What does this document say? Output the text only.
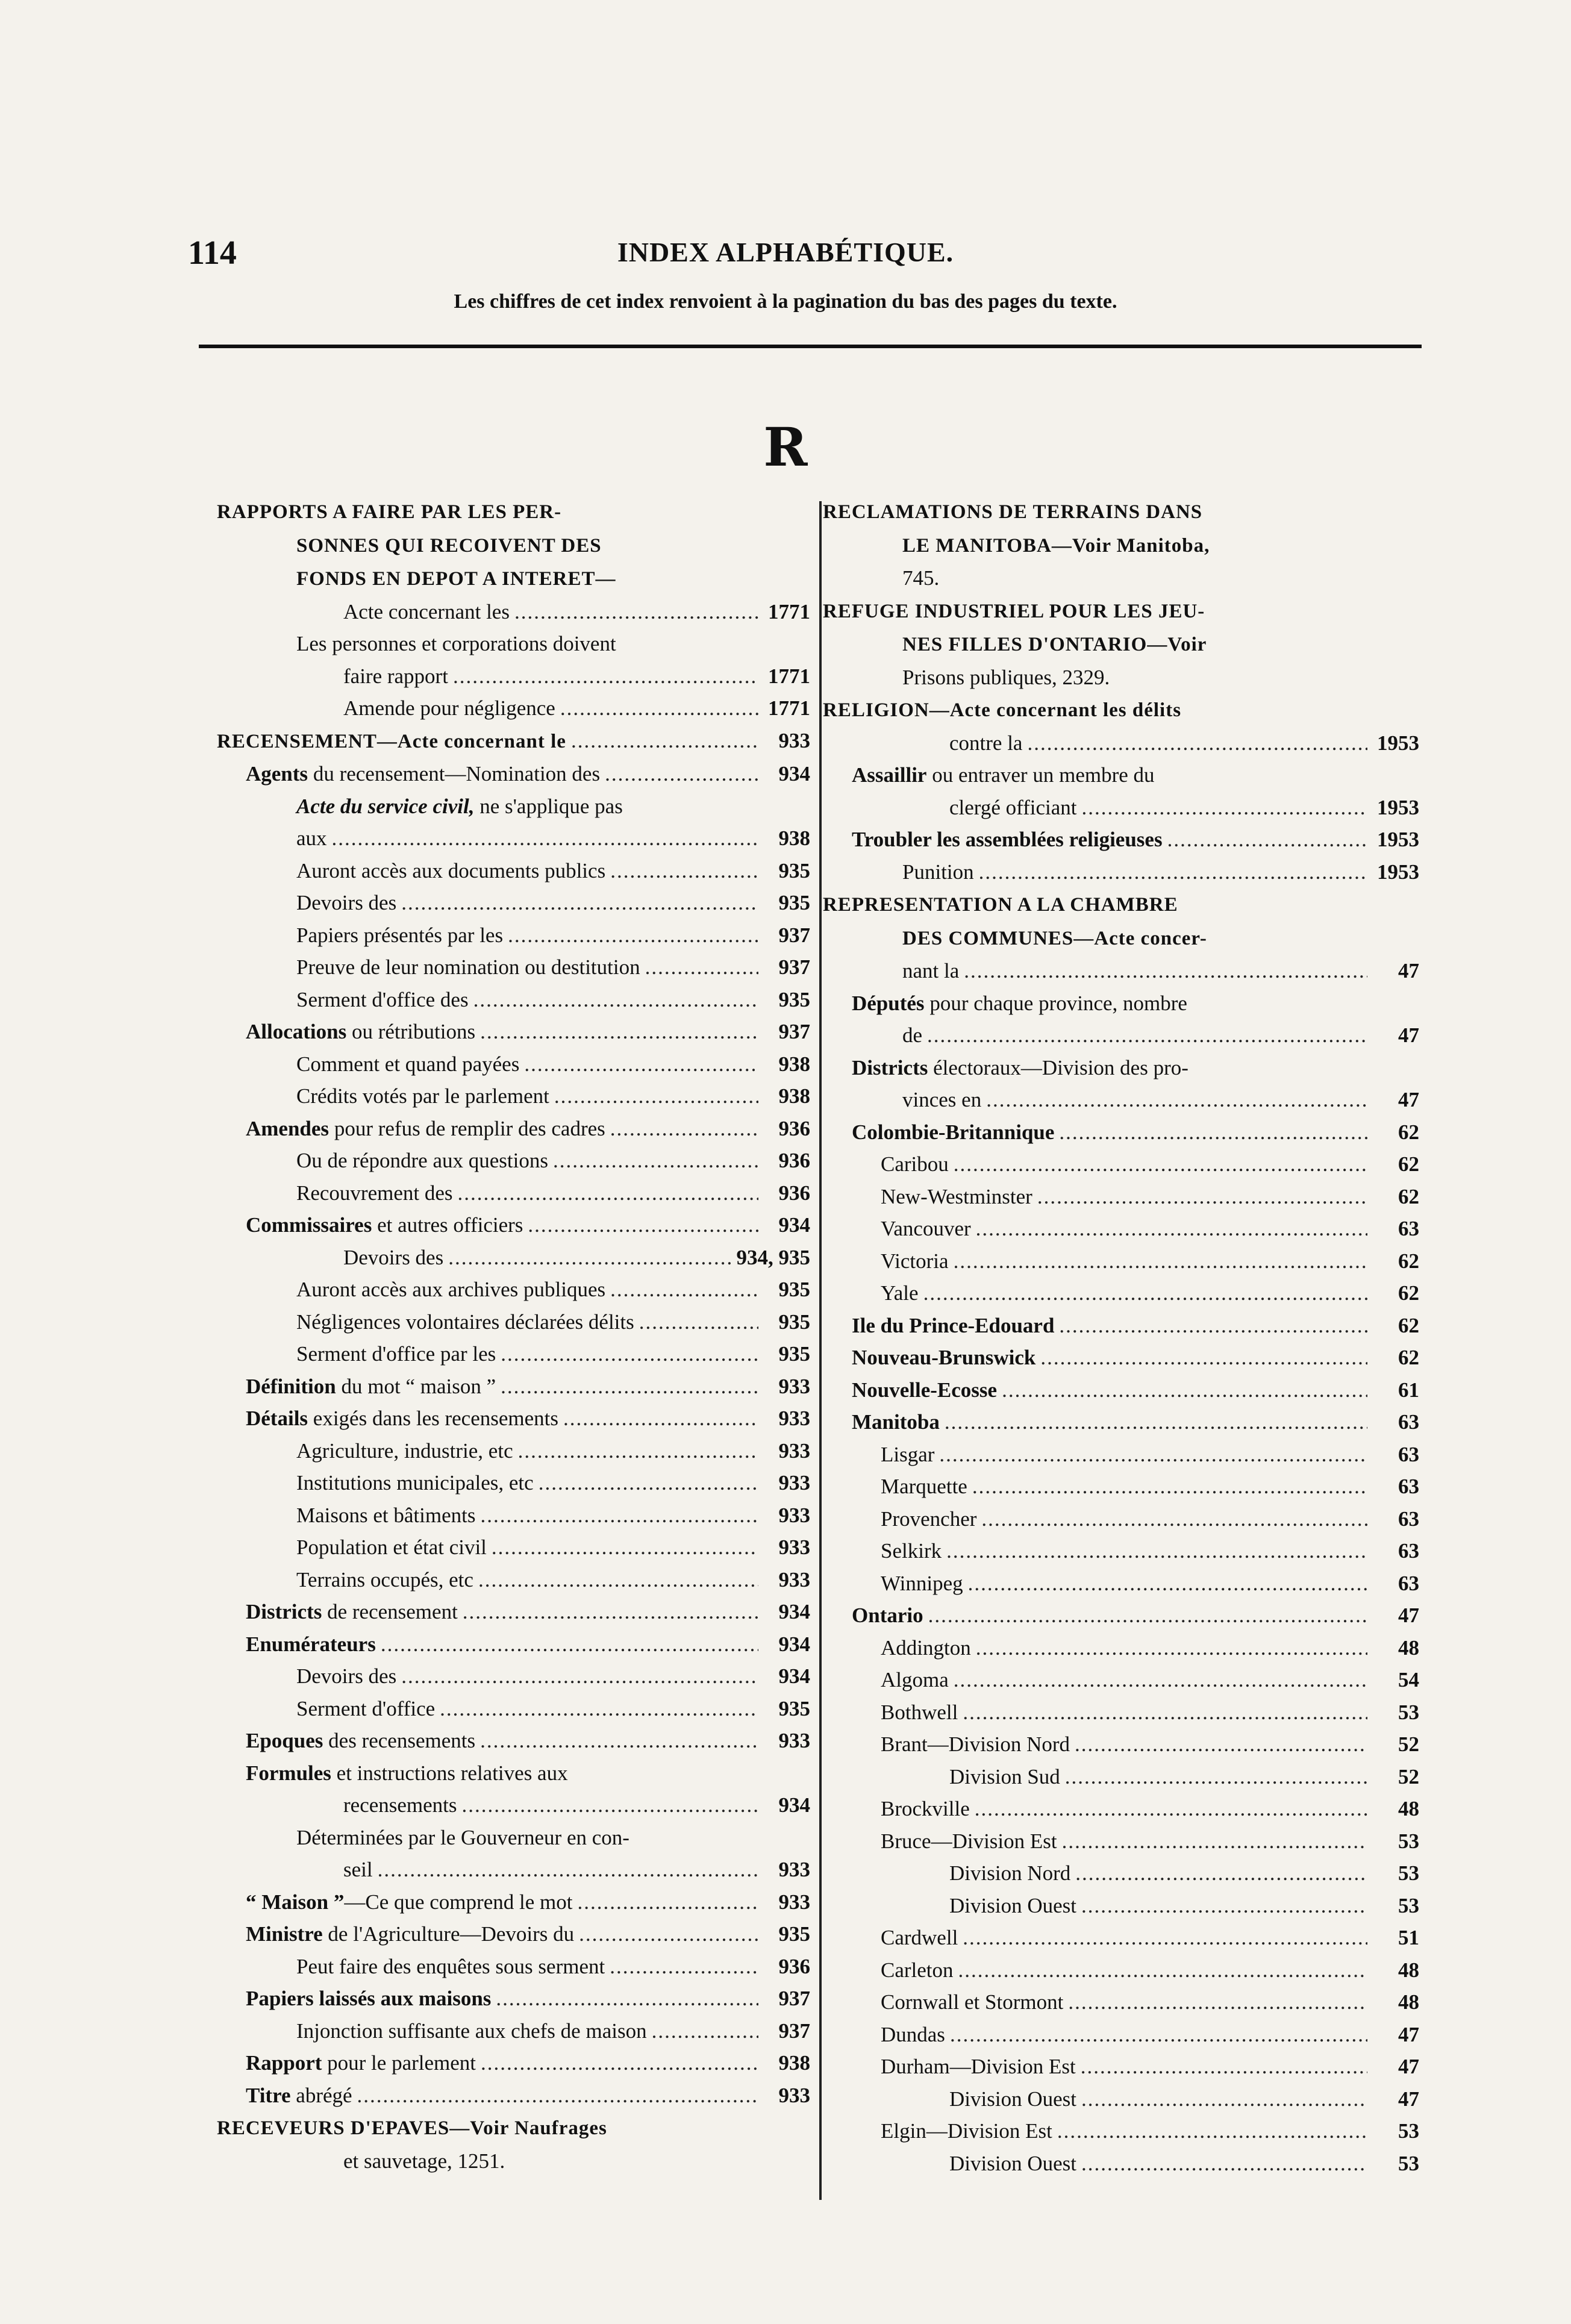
114	INDEX ALPHABÉTIQUE.
Les chiffres de cet index renvoient à la pagination du bas des pages du texte.
R
RAPPORTS A FAIRE PAR LES PER-
SONNES QUI RECOIVENT DES
FONDS EN DEPOT A INTERET—
Acte concernant les .....	1771
Les personnes et corporations doivent
faire rapport .....	1771
Amende pour négligence .....	1771
RECENSEMENT—Acte concernant le .....	933
Agents du recensement—Nomination des .....	934
Acte du service civil, ne s'applique pas
aux .....	938
Auront accès aux documents publics .....	935
Devoirs des .....	935
Papiers présentés par les .....	937
Preuve de leur nomination ou destitution .....	937
Serment d'office des .....	935
Allocations ou rétributions .....	937
Comment et quand payées .....	938
Crédits votés par le parlement .....	938
Amendes pour refus de remplir des cadres .....	936
Ou de répondre aux questions .....	936
Recouvrement des .....	936
Commissaires et autres officiers .....	934
Devoirs des .....	934, 935
Auront accès aux archives publiques .....	935
Négligences volontaires déclarées délits .....	935
Serment d'office par les .....	935
Définition du mot “ maison ” .....	933
Détails exigés dans les recensements .....	933
Agriculture, industrie, etc .....	933
Institutions municipales, etc .....	933
Maisons et bâtiments .....	933
Population et état civil .....	933
Terrains occupés, etc .....	933
Districts de recensement .....	934
Enumérateurs .....	934
Devoirs des .....	934
Serment d'office .....	935
Epoques des recensements .....	933
Formules et instructions relatives aux
recensements .....	934
Déterminées par le Gouverneur en con-
seil .....	933
“ Maison ”—Ce que comprend le mot .....	933
Ministre de l'Agriculture—Devoirs du .....	935
Peut faire des enquêtes sous serment .....	936
Papiers laissés aux maisons .....	937
Injonction suffisante aux chefs de maison .....	937
Rapport pour le parlement .....	938
Titre abrégé .....	933
RECEVEURS D'EPAVES—Voir Naufrages
et sauvetage, 1251.
RECLAMATIONS DE TERRAINS DANS
LE MANITOBA—Voir Manitoba,
745.
REFUGE INDUSTRIEL POUR LES JEU-
NES FILLES D'ONTARIO—Voir
Prisons publiques, 2329.
RELIGION—Acte concernant les délits
contre la .....	1953
Assaillir ou entraver un membre du
clergé officiant .....	1953
Troubler les assemblées religieuses .....	1953
Punition .....	1953
REPRESENTATION A LA CHAMBRE
DES COMMUNES—Acte concer-
nant la .....	47
Députés pour chaque province, nombre
de .....	47
Districts électoraux—Division des pro-
vinces en .....	47
Colombie-Britannique .....	62
Caribou .....	62
New-Westminster .....	62
Vancouver .....	63
Victoria .....	62
Yale .....	62
Ile du Prince-Edouard .....	62
Nouveau-Brunswick .....	62
Nouvelle-Ecosse .....	61
Manitoba .....	63
Lisgar .....	63
Marquette .....	63
Provencher .....	63
Selkirk .....	63
Winnipeg .....	63
Ontario .....	47
Addington .....	48
Algoma .....	54
Bothwell .....	53
Brant—Division Nord .....	52
Division Sud .....	52
Brockville .....	48
Bruce—Division Est .....	53
Division Nord .....	53
Division Ouest .....	53
Cardwell .....	51
Carleton .....	48
Cornwall et Stormont .....	48
Dundas .....	47
Durham—Division Est .....	47
Division Ouest .....	47
Elgin—Division Est .....	53
Division Ouest .....	53
